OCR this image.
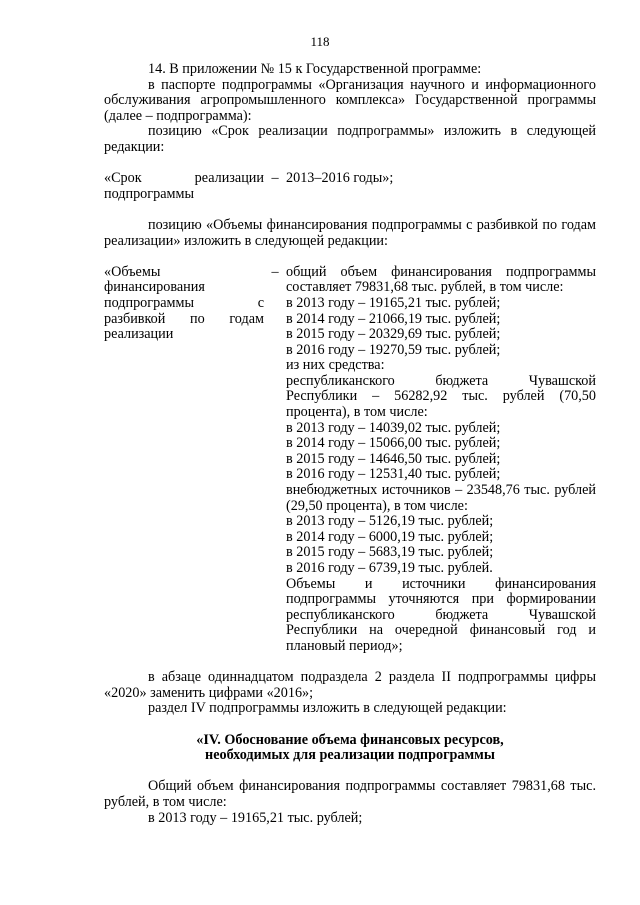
118
14. В приложении № 15 к Государственной программе:
в паспорте подпрограммы «Организация научного и информационного обслуживания агропромышленного комплекса» Государственной программы (далее – подпрограмма):
позицию «Срок реализации подпрограммы» изложить в следующей редакции:
«Срок реализации подпрограммы
– 2013–2016 годы»;
позицию «Объемы финансирования подпрограммы с разбивкой по годам реализации» изложить в следующей редакции:
«Объемы финансирования подпрограммы с разбивкой по годам реализации
– общий объем финансирования подпрограммы составляет 79831,68 тыс. рублей, в том числе:
в 2013 году – 19165,21 тыс. рублей;
в 2014 году – 21066,19 тыс. рублей;
в 2015 году – 20329,69 тыс. рублей;
в 2016 году – 19270,59 тыс. рублей;
из них средства:
республиканского бюджета Чувашской Республики – 56282,92 тыс. рублей (70,50 процента), в том числе:
в 2013 году – 14039,02 тыс. рублей;
в 2014 году – 15066,00 тыс. рублей;
в 2015 году – 14646,50 тыс. рублей;
в 2016 году – 12531,40 тыс. рублей;
внебюджетных источников – 23548,76 тыс. рублей (29,50 процента), в том числе:
в 2013 году – 5126,19 тыс. рублей;
в 2014 году – 6000,19 тыс. рублей;
в 2015 году – 5683,19 тыс. рублей;
в 2016 году – 6739,19 тыс. рублей.
Объемы и источники финансирования подпрограммы уточняются при формировании республиканского бюджета Чувашской Республики на очередной финансовый год и плановый период»;
в абзаце одиннадцатом подраздела 2 раздела II подпрограммы цифры «2020» заменить цифрами «2016»;
раздел IV подпрограммы изложить в следующей редакции:
«IV. Обоснование объема финансовых ресурсов,
необходимых для реализации подпрограммы
Общий объем финансирования подпрограммы составляет 79831,68 тыс. рублей, в том числе:
в 2013 году – 19165,21 тыс. рублей;
